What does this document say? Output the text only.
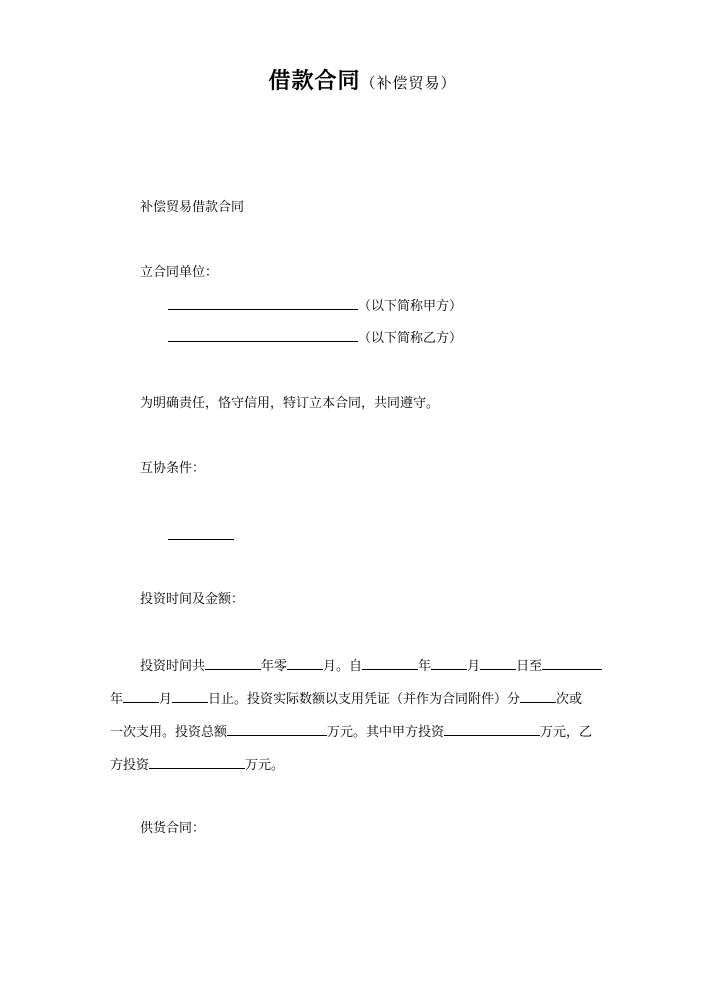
借款合同（补偿贸易）
补偿贸易借款合同
立合同单位：
（以下简称甲方）
（以下简称乙方）
为明确责任，恪守信用，特订立本合同，共同遵守。
互协条件：
投资时间及金额：
投资时间共	年零	月。自	年	月	日至
年	月	日止。投资实际数额以支用凭证（并作为合同附件）分	次或
一次支用。投资总额	万元。其中甲方投资	万元，乙
方投资	万元。
供货合同：
